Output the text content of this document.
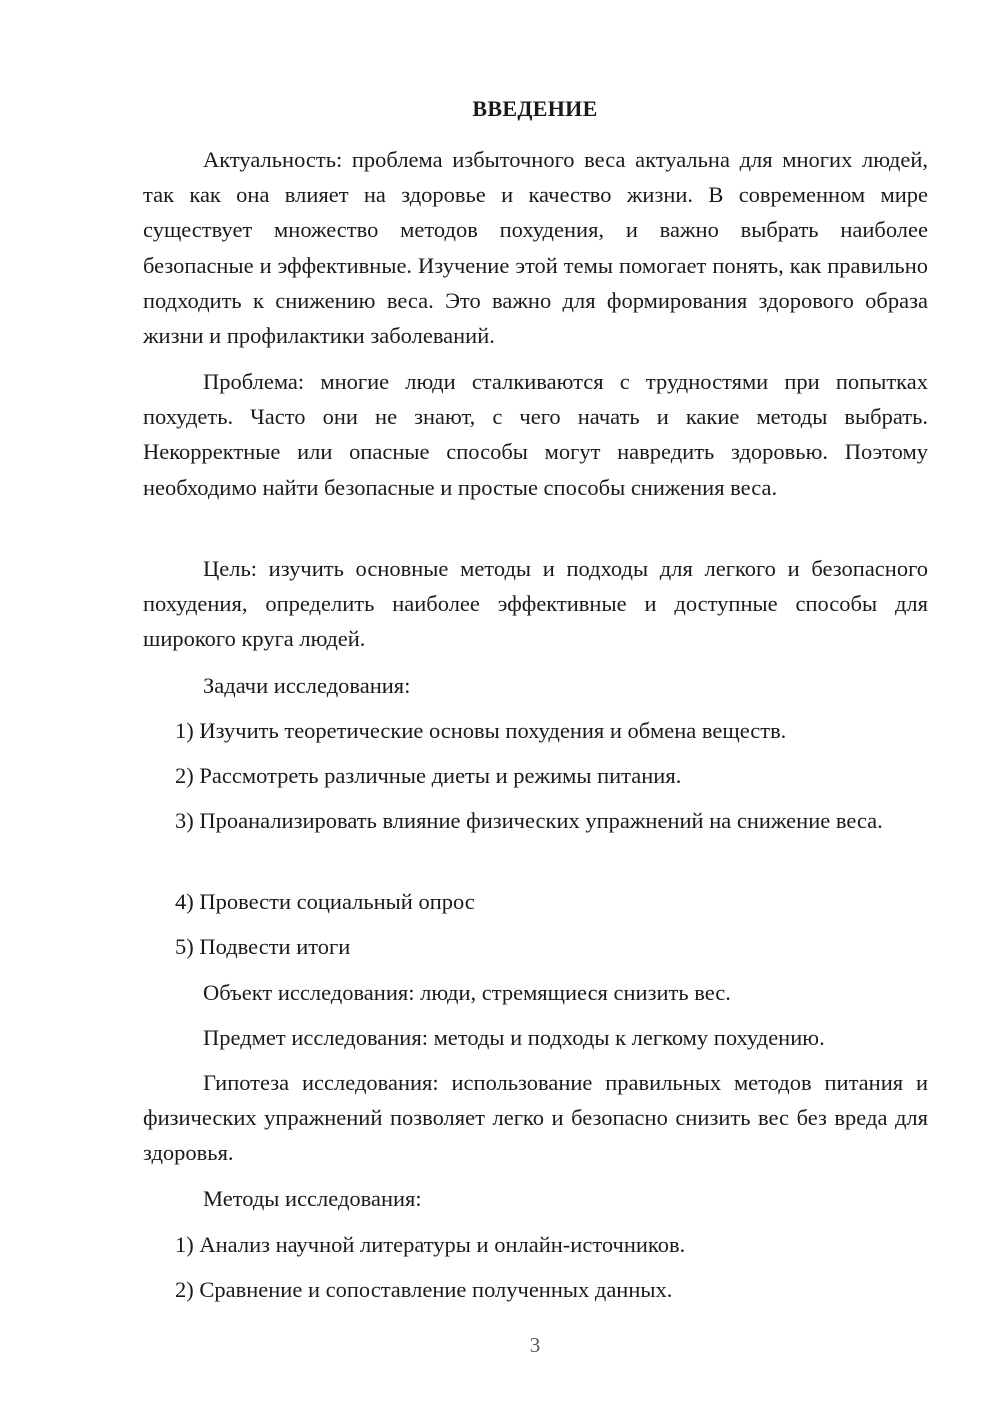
ВВЕДЕНИЕ

Актуальность: проблема избыточного веса актуальна для многих людей, так как она влияет на здоровье и качество жизни. В современном мире существует множество методов похудения, и важно выбрать наиболее безопасные и эффективные. Изучение этой темы помогает понять, как правильно подходить к снижению веса. Это важно для формирования здорового образа жизни и профилактики заболеваний.

Проблема: многие люди сталкиваются с трудностями при попытках похудеть. Часто они не знают, с чего начать и какие методы выбрать. Некорректные или опасные способы могут навредить здоровью. Поэтому необходимо найти безопасные и простые способы снижения веса.

Цель: изучить основные методы и подходы для легкого и безопасного похудения, определить наиболее эффективные и доступные способы для широкого круга людей.

Задачи исследования:

1) Изучить теоретические основы похудения и обмена веществ.

2) Рассмотреть различные диеты и режимы питания.

3) Проанализировать влияние физических упражнений на снижение веса.

4) Провести социальный опрос

5) Подвести итоги

Объект исследования: люди, стремящиеся снизить вес.

Предмет исследования: методы и подходы к легкому похудению.

Гипотеза исследования: использование правильных методов питания и физических упражнений позволяет легко и безопасно снизить вес без вреда для здоровья.

Методы исследования:

1) Анализ научной литературы и онлайн-источников.

2) Сравнение и сопоставление полученных данных.

3
